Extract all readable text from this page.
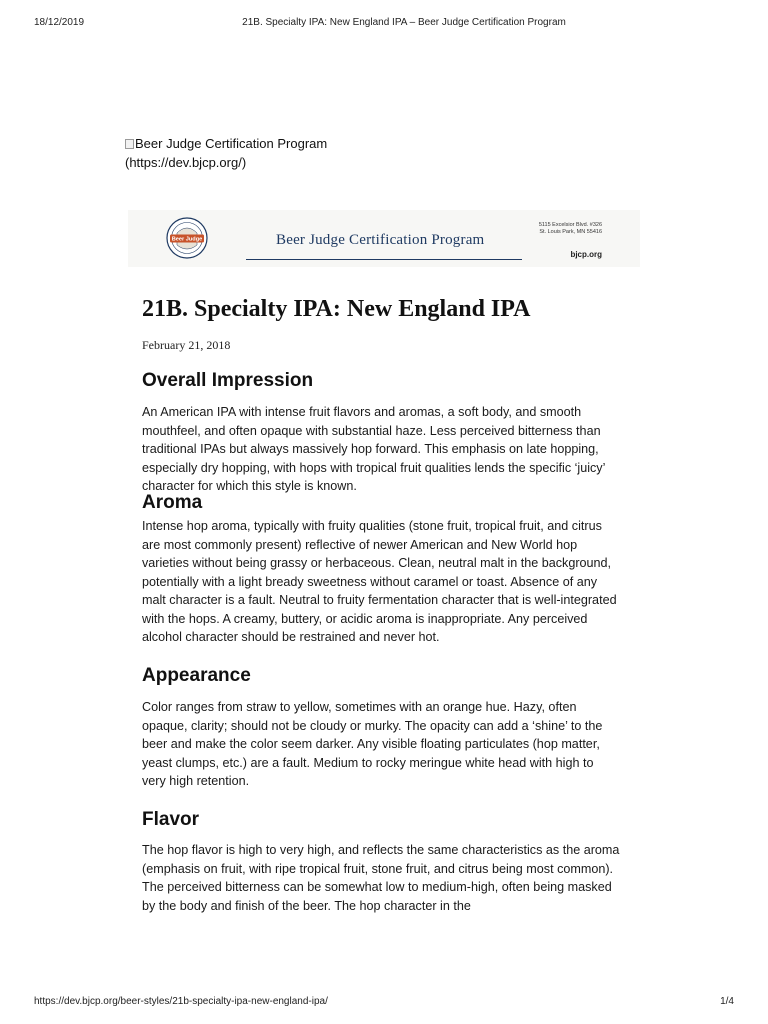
18/12/2019	21B. Specialty IPA: New England IPA – Beer Judge Certification Program
Beer Judge Certification Program
(https://dev.bjcp.org/)
Beer Judge	Beer Judge Certification Program
5115 Excelsior Blvd. #326
St. Louis Park, MN 55416
bjcp.org
21B. Specialty IPA: New England IPA
February 21, 2018
Overall Impression

An American IPA with intense fruit flavors and aromas, a soft body, and smooth mouthfeel, and often opaque with substantial haze. Less perceived bitterness than traditional IPAs but always massively hop forward. This emphasis on late hopping, especially dry hopping, with hops with tropical fruit qualities lends the specific ‘juicy’ character for which this style is known.

Aroma

Intense hop aroma, typically with fruity qualities (stone fruit, tropical fruit, and citrus are most commonly present) reflective of newer American and New World hop varieties without being grassy or herbaceous. Clean, neutral malt in the background, potentially with a light bready sweetness without caramel or toast. Absence of any malt character is a fault. Neutral to fruity fermentation character that is well-integrated with the hops. A creamy, buttery, or acidic aroma is inappropriate. Any perceived alcohol character should be restrained and never hot.

Appearance

Color ranges from straw to yellow, sometimes with an orange hue. Hazy, often opaque, clarity; should not be cloudy or murky. The opacity can add a ‘shine’ to the beer and make the color seem darker. Any visible floating particulates (hop matter, yeast clumps, etc.) are a fault. Medium to rocky meringue white head with high to very high retention.

Flavor

The hop flavor is high to very high, and reflects the same characteristics as the aroma (emphasis on fruit, with ripe tropical fruit, stone fruit, and citrus being most common). The perceived bitterness can be somewhat low to medium-high, often being masked by the body and finish of the beer. The hop character in the

https://dev.bjcp.org/beer-styles/21b-specialty-ipa-new-england-ipa/	1/4
